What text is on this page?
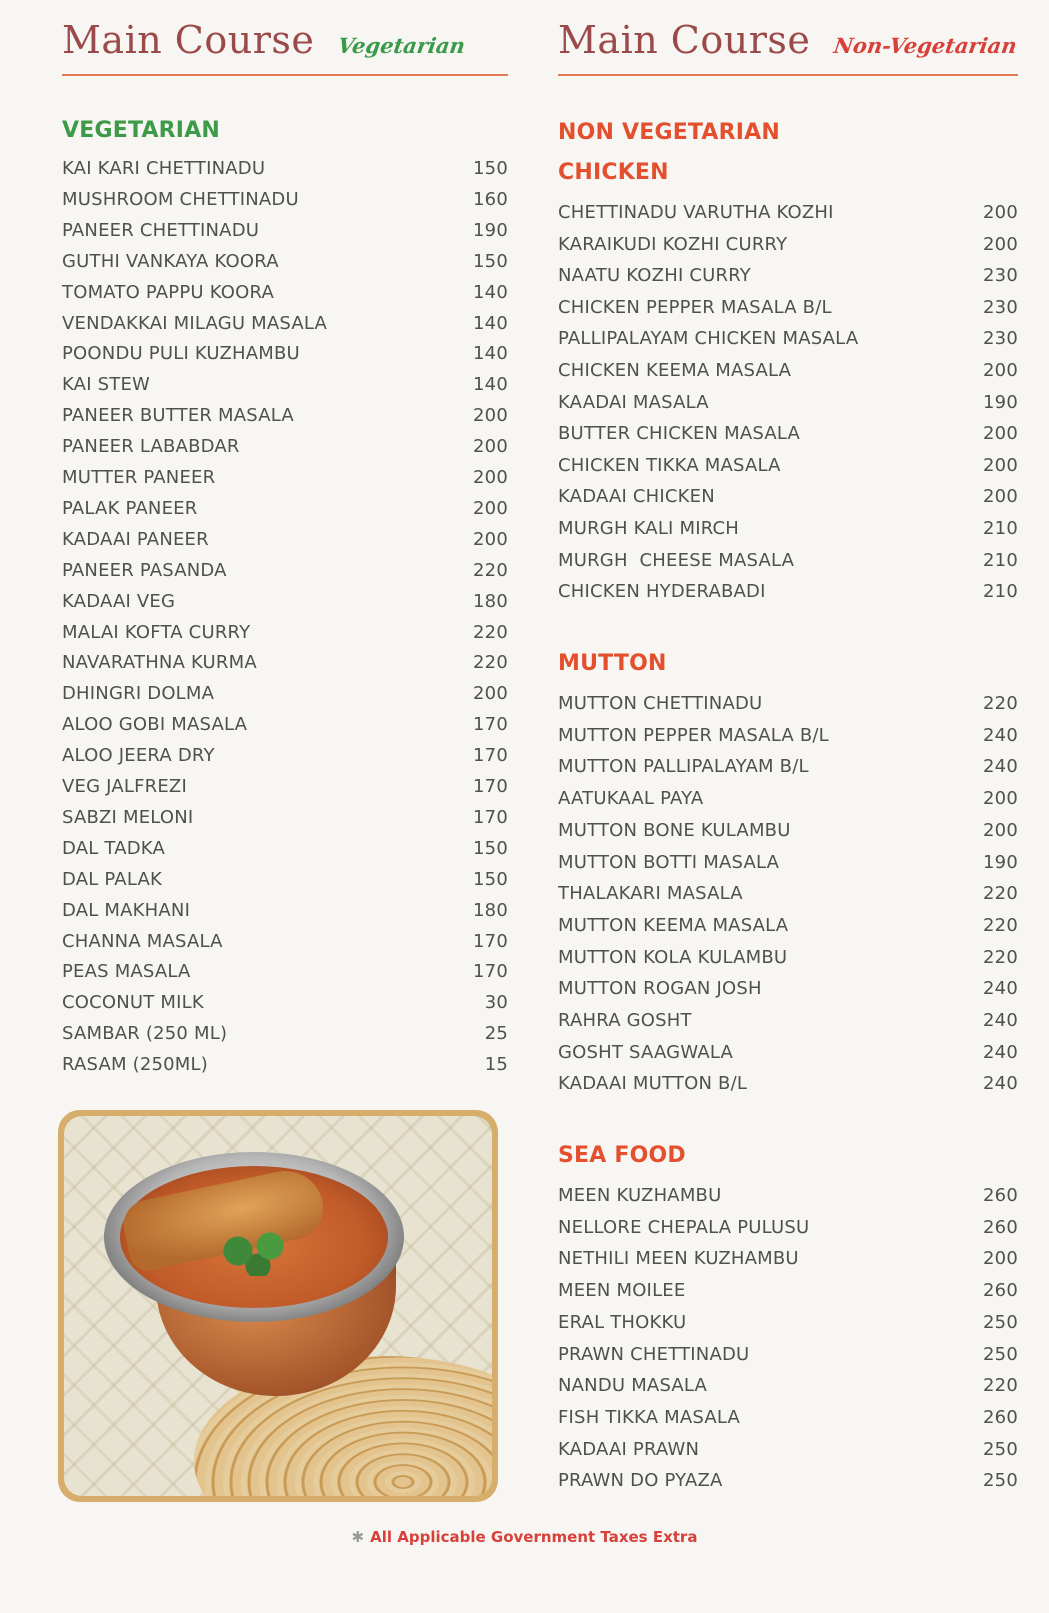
Main Course Vegetarian
VEGETARIAN
KAI KARI CHETTINADU	150
MUSHROOM CHETTINADU	160
PANEER CHETTINADU	190
GUTHI VANKAYA KOORA	150
TOMATO PAPPU KOORA	140
VENDAKKAI MILAGU MASALA	140
POONDU PULI KUZHAMBU	140
KAI STEW	140
PANEER BUTTER MASALA	200
PANEER LABABDAR	200
MUTTER PANEER	200
PALAK PANEER	200
KADAAI PANEER	200
PANEER PASANDA	220
KADAAI VEG	180
MALAI KOFTA CURRY	220
NAVARATHNA KURMA	220
DHINGRI DOLMA	200
ALOO GOBI MASALA	170
ALOO JEERA DRY	170
VEG JALFREZI	170
SABZI MELONI	170
DAL TADKA	150
DAL PALAK	150
DAL MAKHANI	180
CHANNA MASALA	170
PEAS MASALA	170
COCONUT MILK	30
SAMBAR (250 ML)	25
RASAM (250ML)	15
Main Course Non-Vegetarian
NON VEGETARIAN
CHICKEN
CHETTINADU VARUTHA KOZHI	200
KARAIKUDI KOZHI CURRY	200
NAATU KOZHI CURRY	230
CHICKEN PEPPER MASALA B/L	230
PALLIPALAYAM CHICKEN MASALA	230
CHICKEN KEEMA MASALA	200
KAADAI MASALA	190
BUTTER CHICKEN MASALA	200
CHICKEN TIKKA MASALA	200
KADAAI CHICKEN	200
MURGH KALI MIRCH	210
MURGH  CHEESE MASALA	210
CHICKEN HYDERABADI	210
MUTTON
MUTTON CHETTINADU	220
MUTTON PEPPER MASALA B/L	240
MUTTON PALLIPALAYAM B/L	240
AATUKAAL PAYA	200
MUTTON BONE KULAMBU	200
MUTTON BOTTI MASALA	190
THALAKARI MASALA	220
MUTTON KEEMA MASALA	220
MUTTON KOLA KULAMBU	220
MUTTON ROGAN JOSH	240
RAHRA GOSHT	240
GOSHT SAAGWALA	240
KADAAI MUTTON B/L	240
SEA FOOD
MEEN KUZHAMBU	260
NELLORE CHEPALA PULUSU	260
NETHILI MEEN KUZHAMBU	200
MEEN MOILEE	260
ERAL THOKKU	250
PRAWN CHETTINADU	250
NANDU MASALA	220
FISH TIKKA MASALA	260
KADAAI PRAWN	250
PRAWN DO PYAZA	250
✱ All Applicable Government Taxes Extra
